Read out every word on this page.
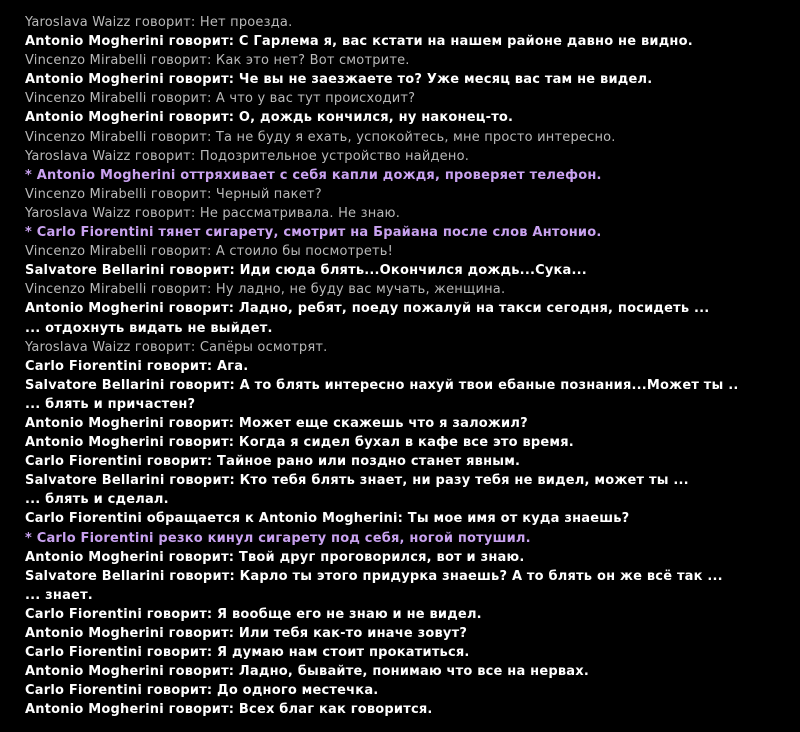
Yaroslava Waizz говорит: Нет проезда.
Antonio Mogherini говорит: С Гарлема я, вас кстати на нашем районе давно не видно.
Vincenzo Mirabelli говорит: Как это нет? Вот смотрите.
Antonio Mogherini говорит: Че вы не заезжаете то? Уже месяц вас там не видел.
Vincenzo Mirabelli говорит: А что у вас тут происходит?
Antonio Mogherini говорит: О, дождь кончился, ну наконец-то.
Vincenzo Mirabelli говорит: Та не буду я ехать, успокойтесь, мне просто интересно.
Yaroslava Waizz говорит: Подозрительное устройство найдено.
* Antonio Mogherini оттряхивает с себя капли дождя, проверяет телефон.
Vincenzo Mirabelli говорит: Черный пакет?
Yaroslava Waizz говорит: Не рассматривала. Не знаю.
* Carlo Fiorentini тянет сигарету, смотрит на Брайана после слов Антонио.
Vincenzo Mirabelli говорит: А стоило бы посмотреть!
Salvatore Bellarini говорит: Иди сюда блять...Окончился дождь...Сука...
Vincenzo Mirabelli говорит: Ну ладно, не буду вас мучать, женщина.
Antonio Mogherini говорит: Ладно, ребят, поеду пожалуй на такси сегодня, посидеть ...
... отдохнуть видать не выйдет.
Yaroslava Waizz говорит: Сапёры осмотрят.
Carlo Fiorentini говорит: Ага.
Salvatore Bellarini говорит: А то блять интересно нахуй твои ебаные познания...Может ты ..
... блять и причастен?
Antonio Mogherini говорит: Может еще скажешь что я заложил?
Antonio Mogherini говорит: Когда я сидел бухал в кафе все это время.
Carlo Fiorentini говорит: Тайное рано или поздно станет явным.
Salvatore Bellarini говорит: Кто тебя блять знает, ни разу тебя не видел, может ты ...
... блять и сделал.
Carlo Fiorentini обращается к Antonio Mogherini: Ты мое имя от куда знаешь?
* Carlo Fiorentini резко кинул сигарету под себя, ногой потушил.
Antonio Mogherini говорит: Твой друг проговорился, вот и знаю.
Salvatore Bellarini говорит: Карло ты этого придурка знаешь? А то блять он же всё так ...
... знает.
Carlo Fiorentini говорит: Я вообще его не знаю и не видел.
Antonio Mogherini говорит: Или тебя как-то иначе зовут?
Carlo Fiorentini говорит: Я думаю нам стоит прокатиться.
Antonio Mogherini говорит: Ладно, бывайте, понимаю что все на нервах.
Carlo Fiorentini говорит: До одного местечка.
Antonio Mogherini говорит: Всех благ как говорится.
